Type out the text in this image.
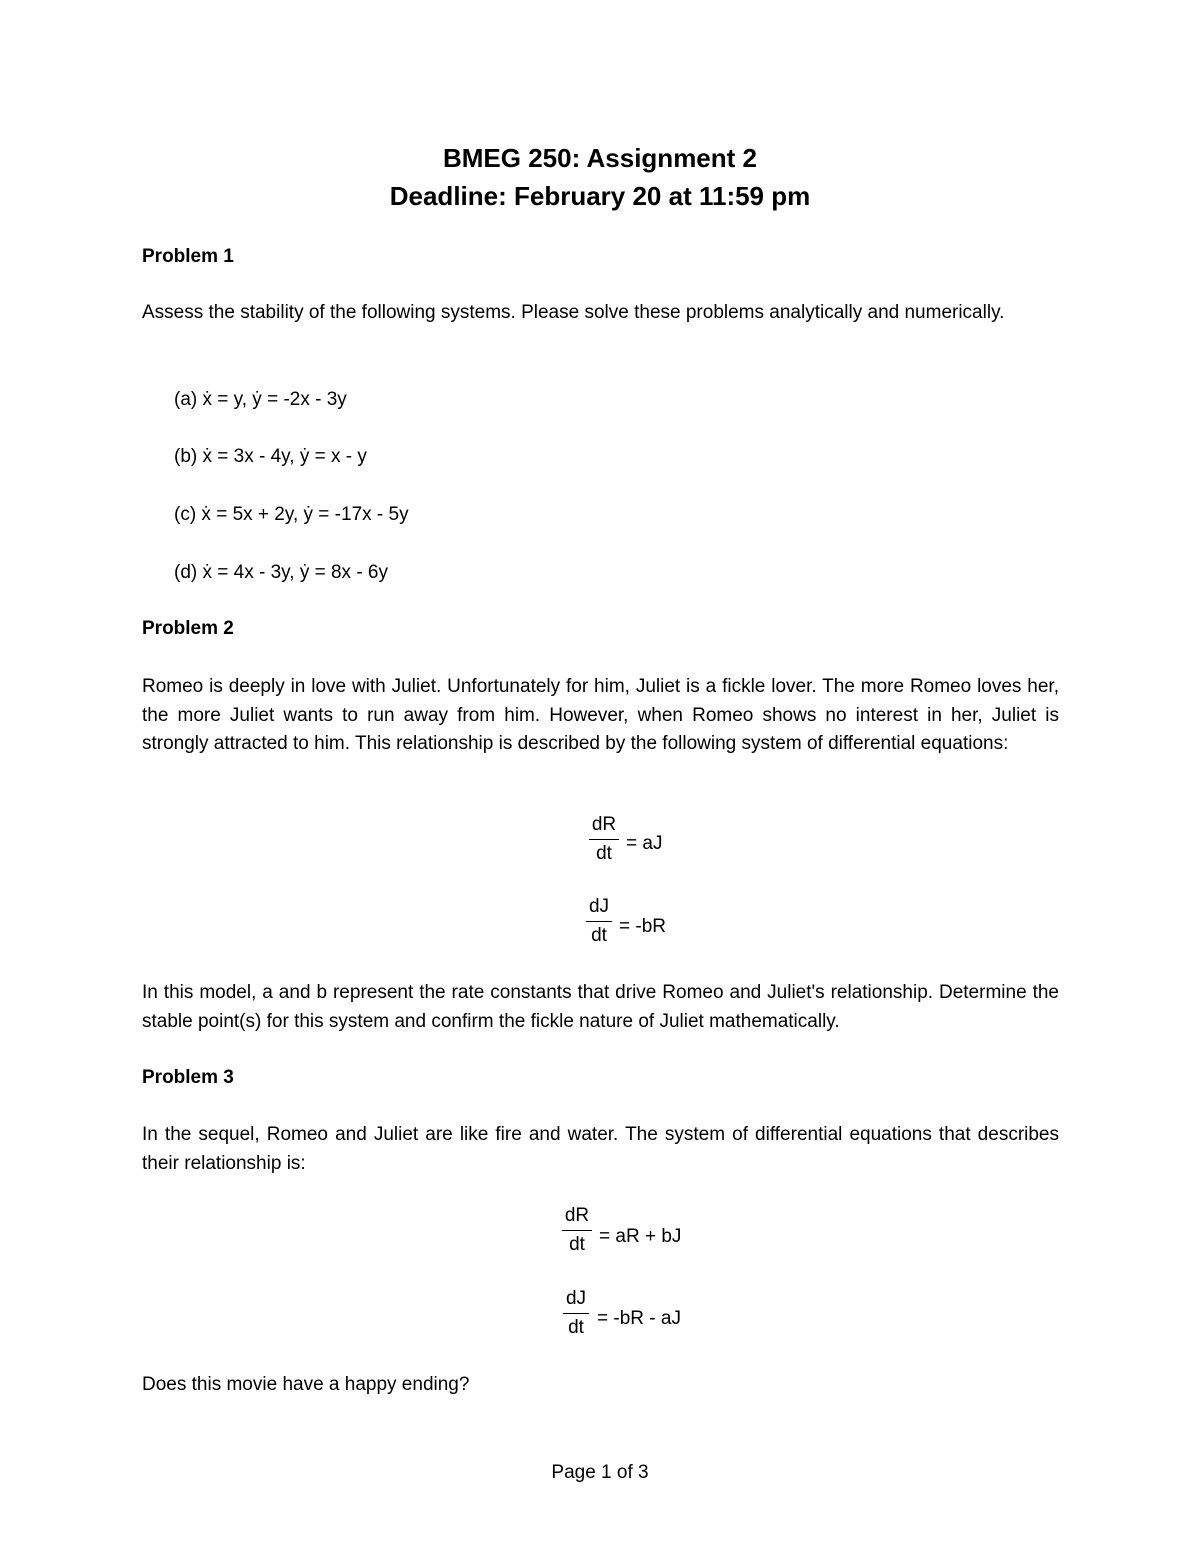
BMEG 250: Assignment 2
Deadline: February 20 at 11:59 pm
Problem 1
Assess the stability of the following systems. Please solve these problems analytically and numerically.
(a) ẋ = y, ẏ = -2x - 3y
(b) ẋ = 3x - 4y, ẏ = x - y
(c) ẋ = 5x + 2y, ẏ = -17x - 5y
(d) ẋ = 4x - 3y, ẏ = 8x - 6y
Problem 2
Romeo is deeply in love with Juliet. Unfortunately for him, Juliet is a fickle lover. The more Romeo loves her, the more Juliet wants to run away from him. However, when Romeo shows no interest in her, Juliet is strongly attracted to him. This relationship is described by the following system of differential equations:
dR
dt = aJ
dJ
dt = -bR
In this model, a and b represent the rate constants that drive Romeo and Juliet's relationship. Determine the stable point(s) for this system and confirm the fickle nature of Juliet mathematically.
Problem 3
In the sequel, Romeo and Juliet are like fire and water. The system of differential equations that describes their relationship is:
dR
dt = aR + bJ
dJ
dt = -bR - aJ
Does this movie have a happy ending?
Page 1 of 3
